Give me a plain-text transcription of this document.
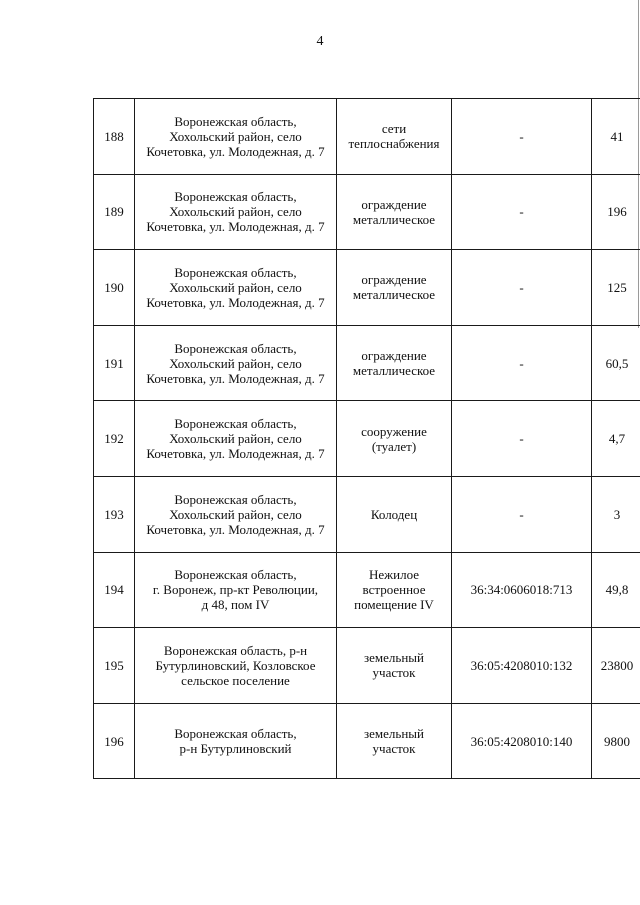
4
188	Воронежская область,
Хохольский район, село
Кочетовка, ул. Молодежная, д. 7	сети
теплоснабжения	-	41
189	Воронежская область,
Хохольский район, село
Кочетовка, ул. Молодежная, д. 7	ограждение
металлическое	-	196
190	Воронежская область,
Хохольский район, село
Кочетовка, ул. Молодежная, д. 7	ограждение
металлическое	-	125
191	Воронежская область,
Хохольский район, село
Кочетовка, ул. Молодежная, д. 7	ограждение
металлическое	-	60,5
192	Воронежская область,
Хохольский район, село
Кочетовка, ул. Молодежная, д. 7	сооружение
(туалет)	-	4,7
193	Воронежская область,
Хохольский район, село
Кочетовка, ул. Молодежная, д. 7	Колодец	-	3
194	Воронежская область,
г. Воронеж, пр-кт Революции,
д 48, пом IV	Нежилое
встроенное
помещение IV	36:34:0606018:713	49,8
195	Воронежская область, р-н
Бутурлиновский, Козловское
сельское поселение	земельный
участок	36:05:4208010:132	23800
196	Воронежская область,
р-н Бутурлиновский	земельный
участок	36:05:4208010:140	9800
